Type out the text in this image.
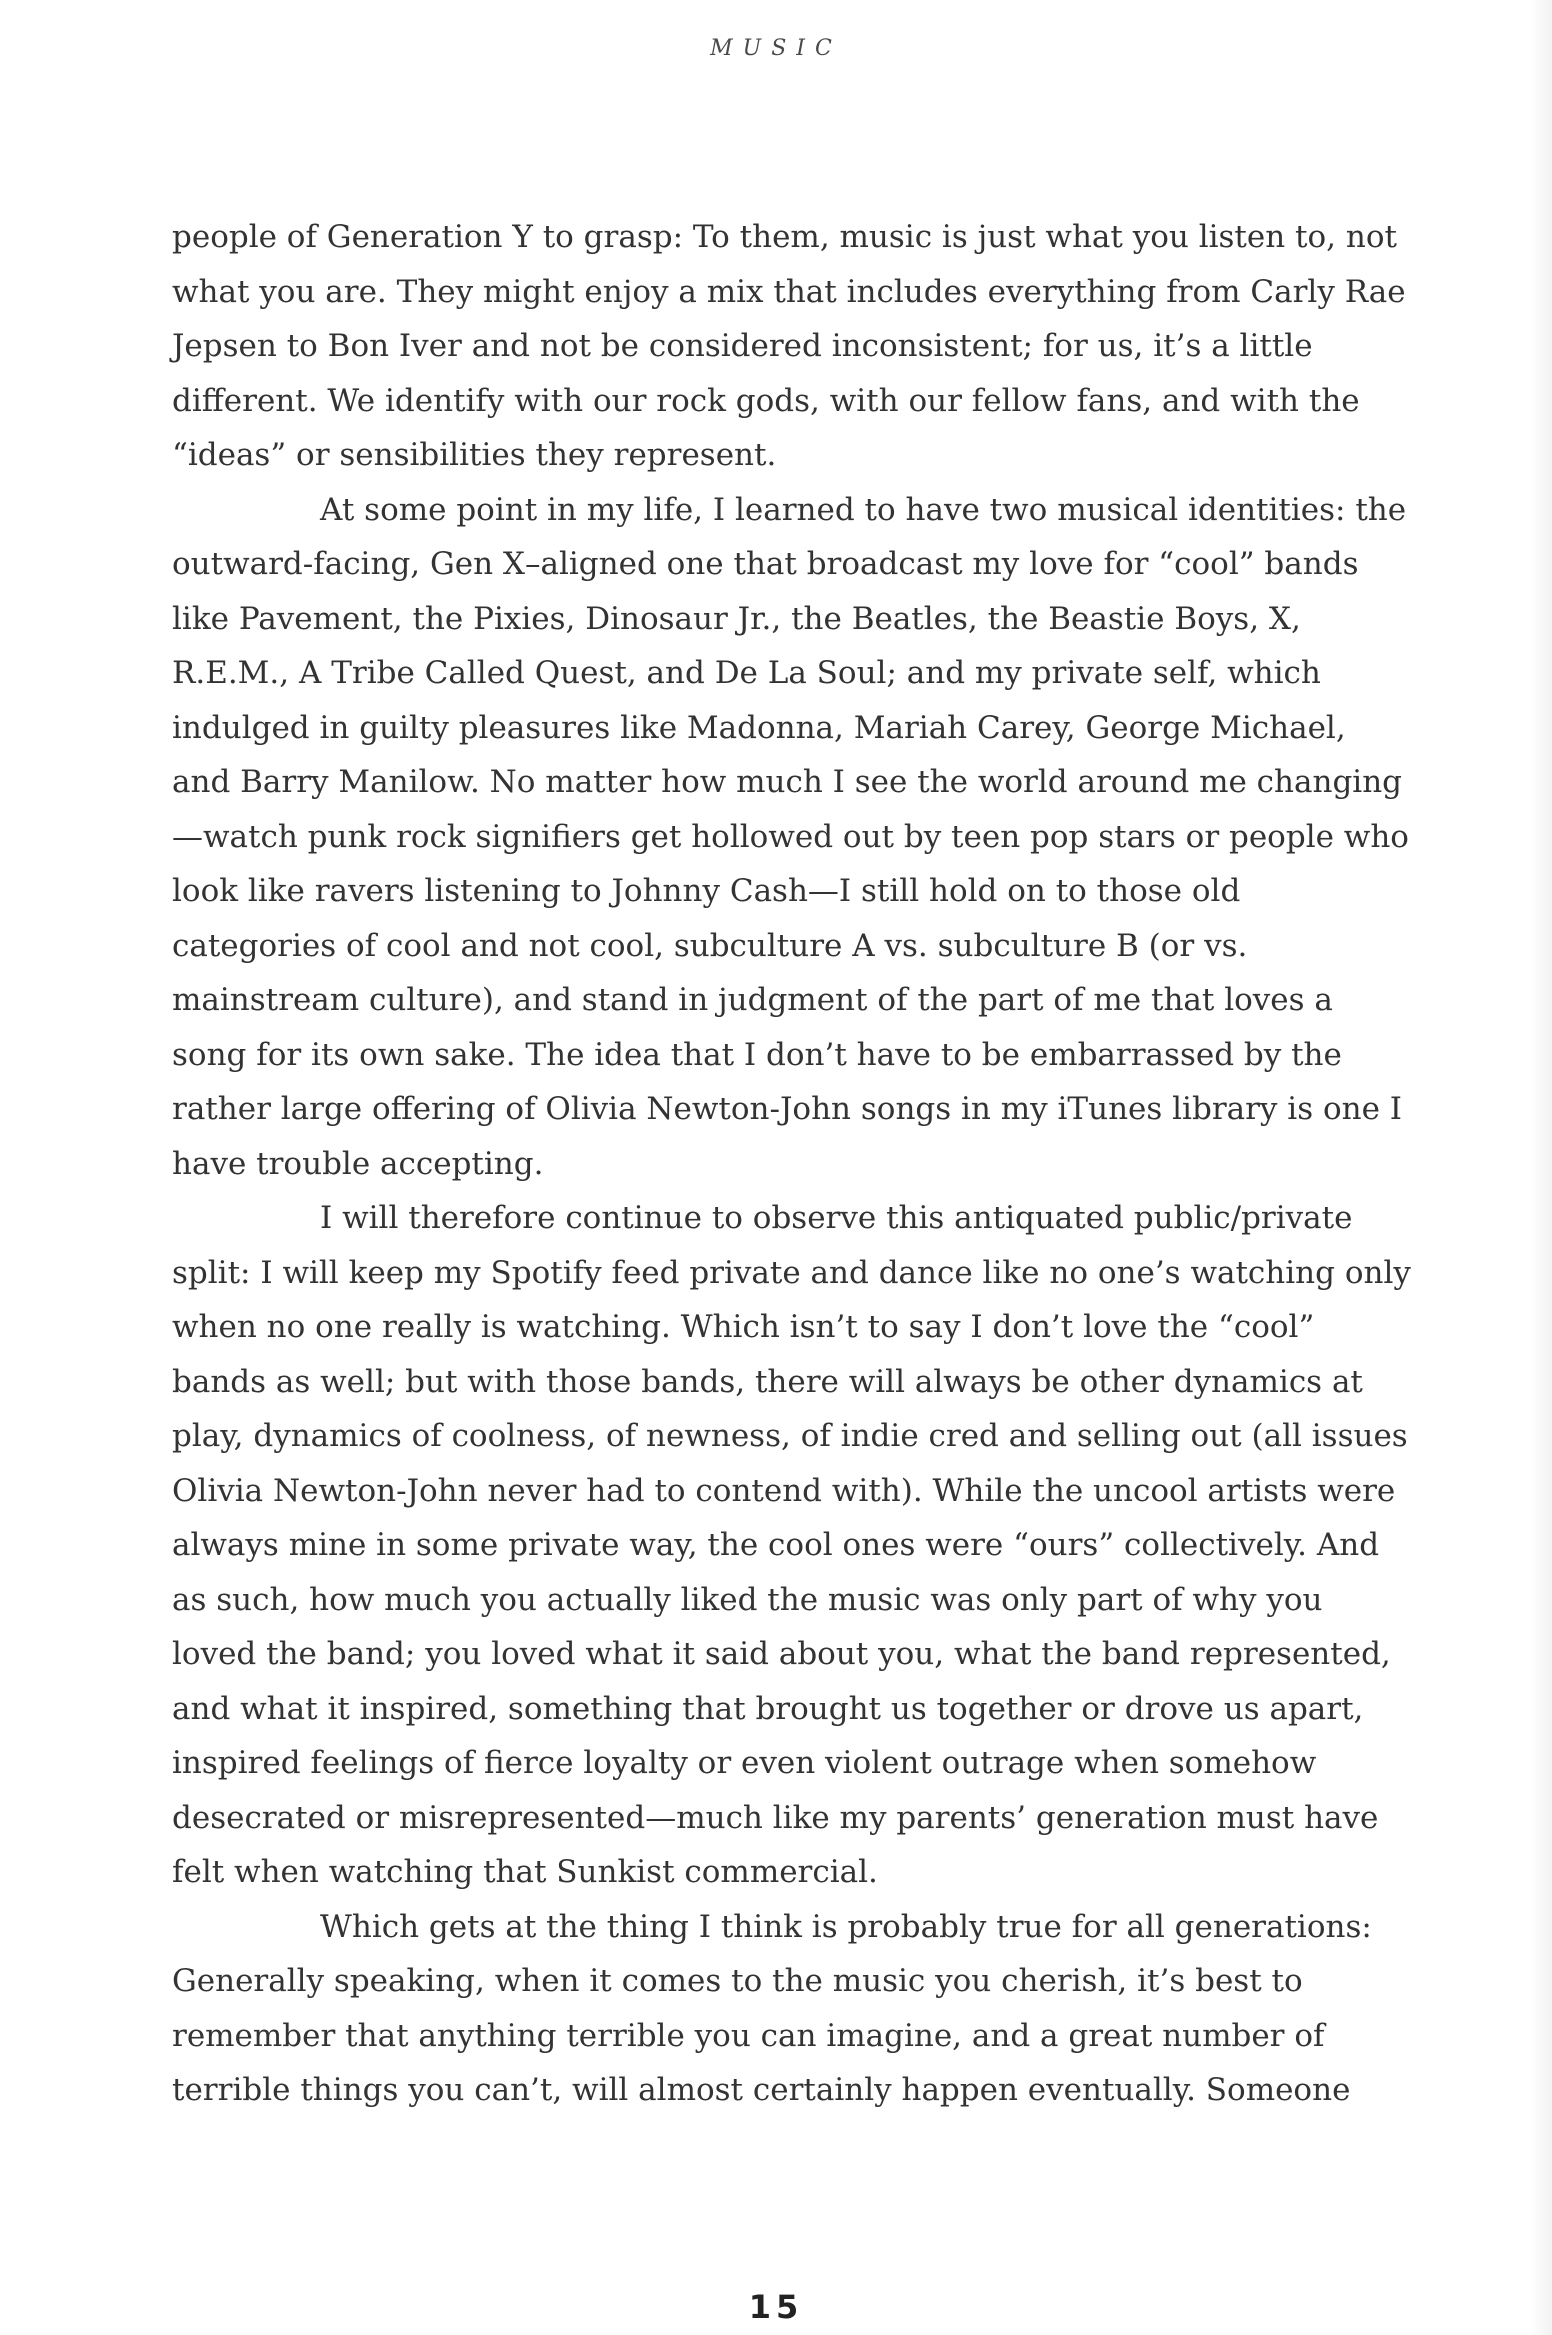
MUSIC

people of Generation Y to grasp: To them, music is just what you listen to, not what you are. They might enjoy a mix that includes everything from Carly Rae Jepsen to Bon Iver and not be considered inconsistent; for us, it’s a little different. We identify with our rock gods, with our fellow fans, and with the “ideas” or sensibilities they represent.

At some point in my life, I learned to have two musical identities: the outward-facing, Gen X–aligned one that broadcast my love for “cool” bands like Pavement, the Pixies, Dinosaur Jr., the Beatles, the Beastie Boys, X, R.E.M., A Tribe Called Quest, and De La Soul; and my private self, which indulged in guilty pleasures like Madonna, Mariah Carey, George Michael, and Barry Manilow. No matter how much I see the world around me changing—watch punk rock signifiers get hollowed out by teen pop stars or people who look like ravers listening to Johnny Cash—I still hold on to those old categories of cool and not cool, subculture A vs. subculture B (or vs. mainstream culture), and stand in judgment of the part of me that loves a song for its own sake. The idea that I don’t have to be embarrassed by the rather large offering of Olivia Newton-John songs in my iTunes library is one I have trouble accepting.

I will therefore continue to observe this antiquated public/private split: I will keep my Spotify feed private and dance like no one’s watching only when no one really is watching. Which isn’t to say I don’t love the “cool” bands as well; but with those bands, there will always be other dynamics at play, dynamics of coolness, of newness, of indie cred and selling out (all issues Olivia Newton-John never had to contend with). While the uncool artists were always mine in some private way, the cool ones were “ours” collectively. And as such, how much you actually liked the music was only part of why you loved the band; you loved what it said about you, what the band represented, and what it inspired, something that brought us together or drove us apart, inspired feelings of fierce loyalty or even violent outrage when somehow desecrated or misrepresented—much like my parents’ generation must have felt when watching that Sunkist commercial.

Which gets at the thing I think is probably true for all generations: Generally speaking, when it comes to the music you cherish, it’s best to remember that anything terrible you can imagine, and a great number of terrible things you can’t, will almost certainly happen eventually. Someone

15
